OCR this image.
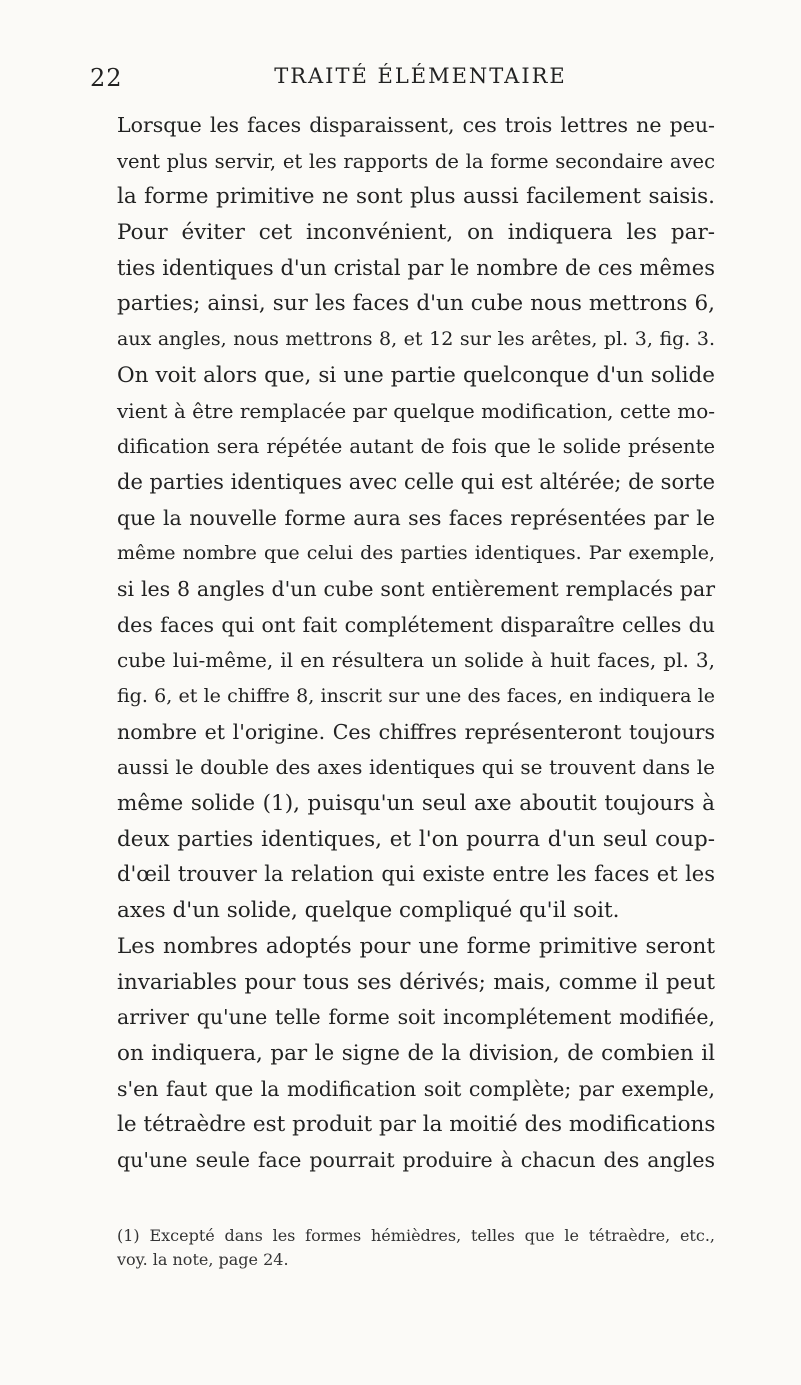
22	TRAITÉ ÉLÉMENTAIRE
Lorsque les faces disparaissent, ces trois lettres ne peu-
vent plus servir, et les rapports de la forme secondaire avec
la forme primitive ne sont plus aussi facilement saisis.
Pour éviter cet inconvénient, on indiquera les par-
ties identiques d'un cristal par le nombre de ces mêmes
parties; ainsi, sur les faces d'un cube nous mettrons 6,
aux angles, nous mettrons 8, et 12 sur les arêtes, pl. 3, fig. 3.
On voit alors que, si une partie quelconque d'un solide
vient à être remplacée par quelque modification, cette mo-
dification sera répétée autant de fois que le solide présente
de parties identiques avec celle qui est altérée; de sorte
que la nouvelle forme aura ses faces représentées par le
même nombre que celui des parties identiques. Par exemple,
si les 8 angles d'un cube sont entièrement remplacés par
des faces qui ont fait complétement disparaître celles du
cube lui-même, il en résultera un solide à huit faces, pl. 3,
fig. 6, et le chiffre 8, inscrit sur une des faces, en indiquera le
nombre et l'origine. Ces chiffres représenteront toujours
aussi le double des axes identiques qui se trouvent dans le
même solide (1), puisqu'un seul axe aboutit toujours à
deux parties identiques, et l'on pourra d'un seul coup-
d'œil trouver la relation qui existe entre les faces et les
axes d'un solide, quelque compliqué qu'il soit.
Les nombres adoptés pour une forme primitive seront
invariables pour tous ses dérivés; mais, comme il peut
arriver qu'une telle forme soit incomplétement modifiée,
on indiquera, par le signe de la division, de combien il
s'en faut que la modification soit complète; par exemple,
le tétraèdre est produit par la moitié des modifications
qu'une seule face pourrait produire à chacun des angles
(1) Excepté dans les formes hémièdres, telles que le tétraèdre, etc.,
voy. la note, page 24.
